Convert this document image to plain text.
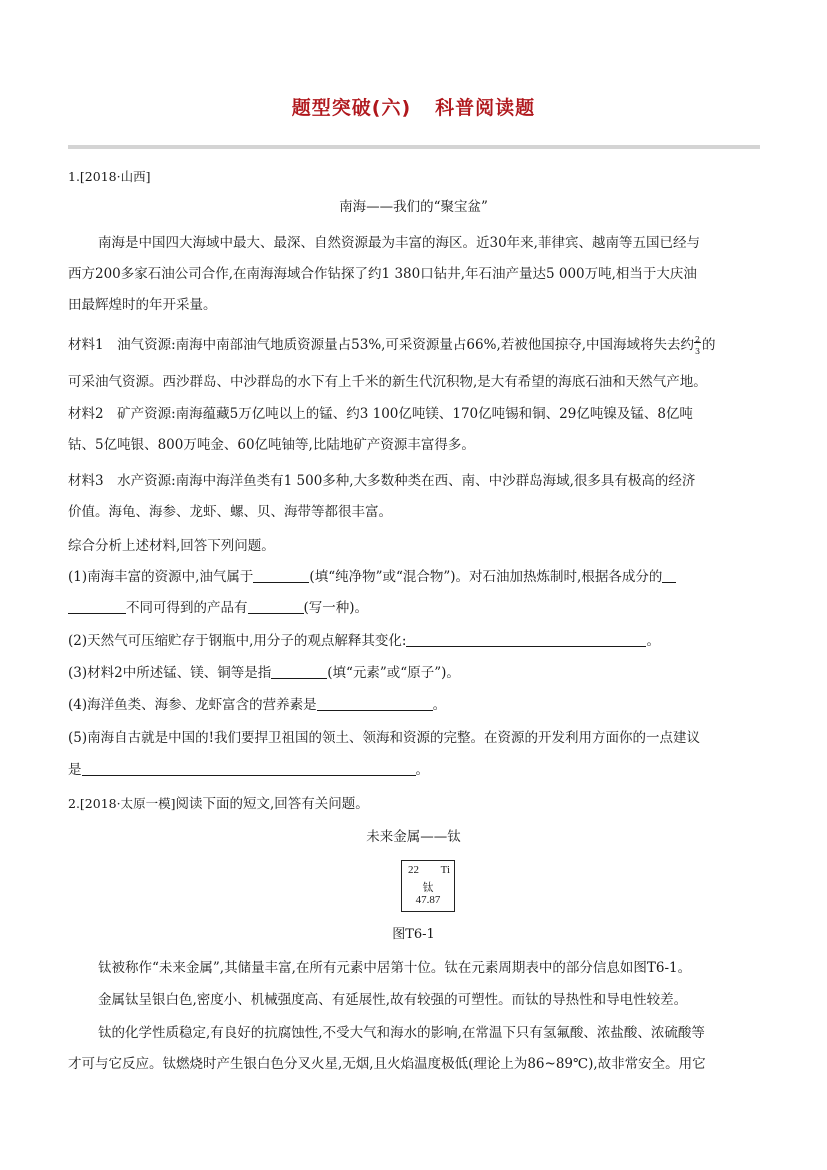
题型突破(六) 科普阅读题
1.[2018·山西]
南海——我们的“聚宝盆”
南海是中国四大海域中最大、最深、自然资源最为丰富的海区。近30年来,菲律宾、越南等五国已经与
西方200多家石油公司合作,在南海海域合作钻探了约1 380口钻井,年石油产量达5 000万吨,相当于大庆油
田最辉煌时的年开采量。
材料1　油气资源:南海中南部油气地质资源量占53%,可采资源量占66%,若被他国掠夺,中国海域将失去约 2
3 的
可采油气资源。西沙群岛、中沙群岛的水下有上千米的新生代沉积物,是大有希望的海底石油和天然气产地。
材料2　矿产资源:南海蕴藏5万亿吨以上的锰、约3 100亿吨镁、170亿吨锡和铜、29亿吨镍及锰、8亿吨
钴、5亿吨银、800万吨金、60亿吨铀等,比陆地矿产资源丰富得多。
材料3　水产资源:南海中海洋鱼类有1 500多种,大多数种类在西、南、中沙群岛海域,很多具有极高的经济
价值。海龟、海参、龙虾、螺、贝、海带等都很丰富。
综合分析上述材料,回答下列问题。
(1)南海丰富的资源中,油气属于	(填“纯净物”或“混合物”)。对石油加热炼制时,根据各成分的
不同可得到的产品有	(写一种)。
(2)天然气可压缩贮存于钢瓶中,用分子的观点解释其变化:	。
(3)材料2中所述锰、镁、铜等是指	(填“元素”或“原子”)。
(4)海洋鱼类、海参、龙虾富含的营养素是	。
(5)南海自古就是中国的!我们要捍卫祖国的领土、领海和资源的完整。在资源的开发利用方面你的一点建议
是	。
2.[2018·太原一模]阅读下面的短文,回答有关问题。
未来金属——钛
22 Ti
钛
47.87
图T6-1
钛被称作“未来金属”,其储量丰富,在所有元素中居第十位。钛在元素周期表中的部分信息如图T6-1。
金属钛呈银白色,密度小、机械强度高、有延展性,故有较强的可塑性。而钛的导热性和导电性较差。
钛的化学性质稳定,有良好的抗腐蚀性,不受大气和海水的影响,在常温下只有氢氟酸、浓盐酸、浓硫酸等
才可与它反应。钛燃烧时产生银白色分叉火星,无烟,且火焰温度极低(理论上为86~89℃),故非常安全。用它
